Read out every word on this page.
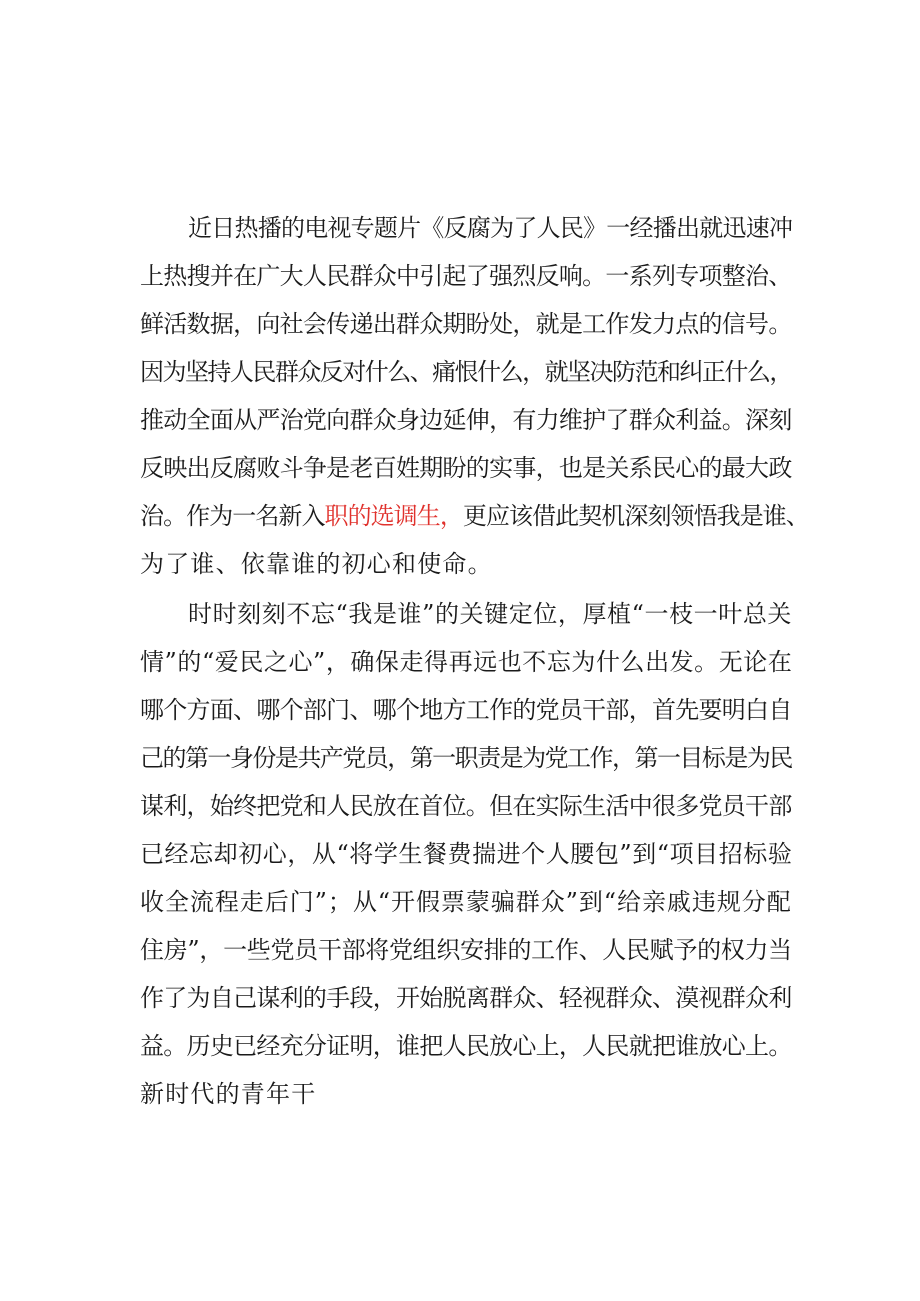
近日热播的电视专题片《反腐为了人民》一经播出就迅速冲
上热搜并在广大人民群众中引起了强烈反响。一系列专项整治、
鲜活数据，向社会传递出群众期盼处，就是工作发力点的信号。
因为坚持人民群众反对什么、痛恨什么，就坚决防范和纠正什么，
推动全面从严治党向群众身边延伸，有力维护了群众利益。深刻
反映出反腐败斗争是老百姓期盼的实事，也是关系民心的最大政
治。作为一名新入职的选调生，更应该借此契机深刻领悟我是谁、
为了谁、依靠谁的初心和使命。
时时刻刻不忘“我是谁”的关键定位，厚植“一枝一叶总关
情”的“爱民之心”，确保走得再远也不忘为什么出发。无论在
哪个方面、哪个部门、哪个地方工作的党员干部，首先要明白自
己的第一身份是共产党员，第一职责是为党工作，第一目标是为民
谋利，始终把党和人民放在首位。但在实际生活中很多党员干部
已经忘却初心，从“将学生餐费揣进个人腰包”到“项目招标验
收全流程走后门”；从“开假票蒙骗群众”到“给亲戚违规分配
住房”，一些党员干部将党组织安排的工作、人民赋予的权力当
作了为自己谋利的手段，开始脱离群众、轻视群众、漠视群众利
益。历史已经充分证明，谁把人民放心上，人民就把谁放心上。
新时代的青年干
